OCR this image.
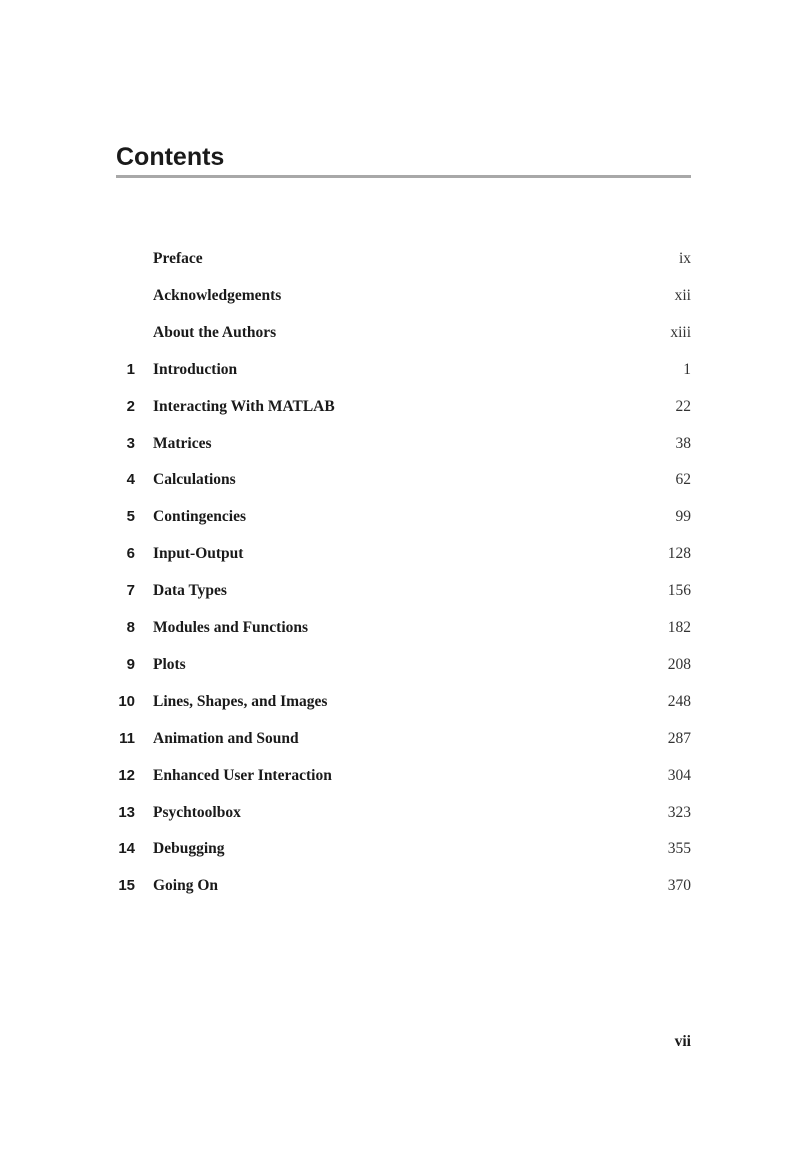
Contents
Preface	ix
Acknowledgements	xii
About the Authors	xiii
1 Introduction	1
2 Interacting With MATLAB	22
3 Matrices	38
4 Calculations	62
5 Contingencies	99
6 Input-Output	128
7 Data Types	156
8 Modules and Functions	182
9 Plots	208
10 Lines, Shapes, and Images	248
11 Animation and Sound	287
12 Enhanced User Interaction	304
13 Psychtoolbox	323
14 Debugging	355
15 Going On	370
vii
